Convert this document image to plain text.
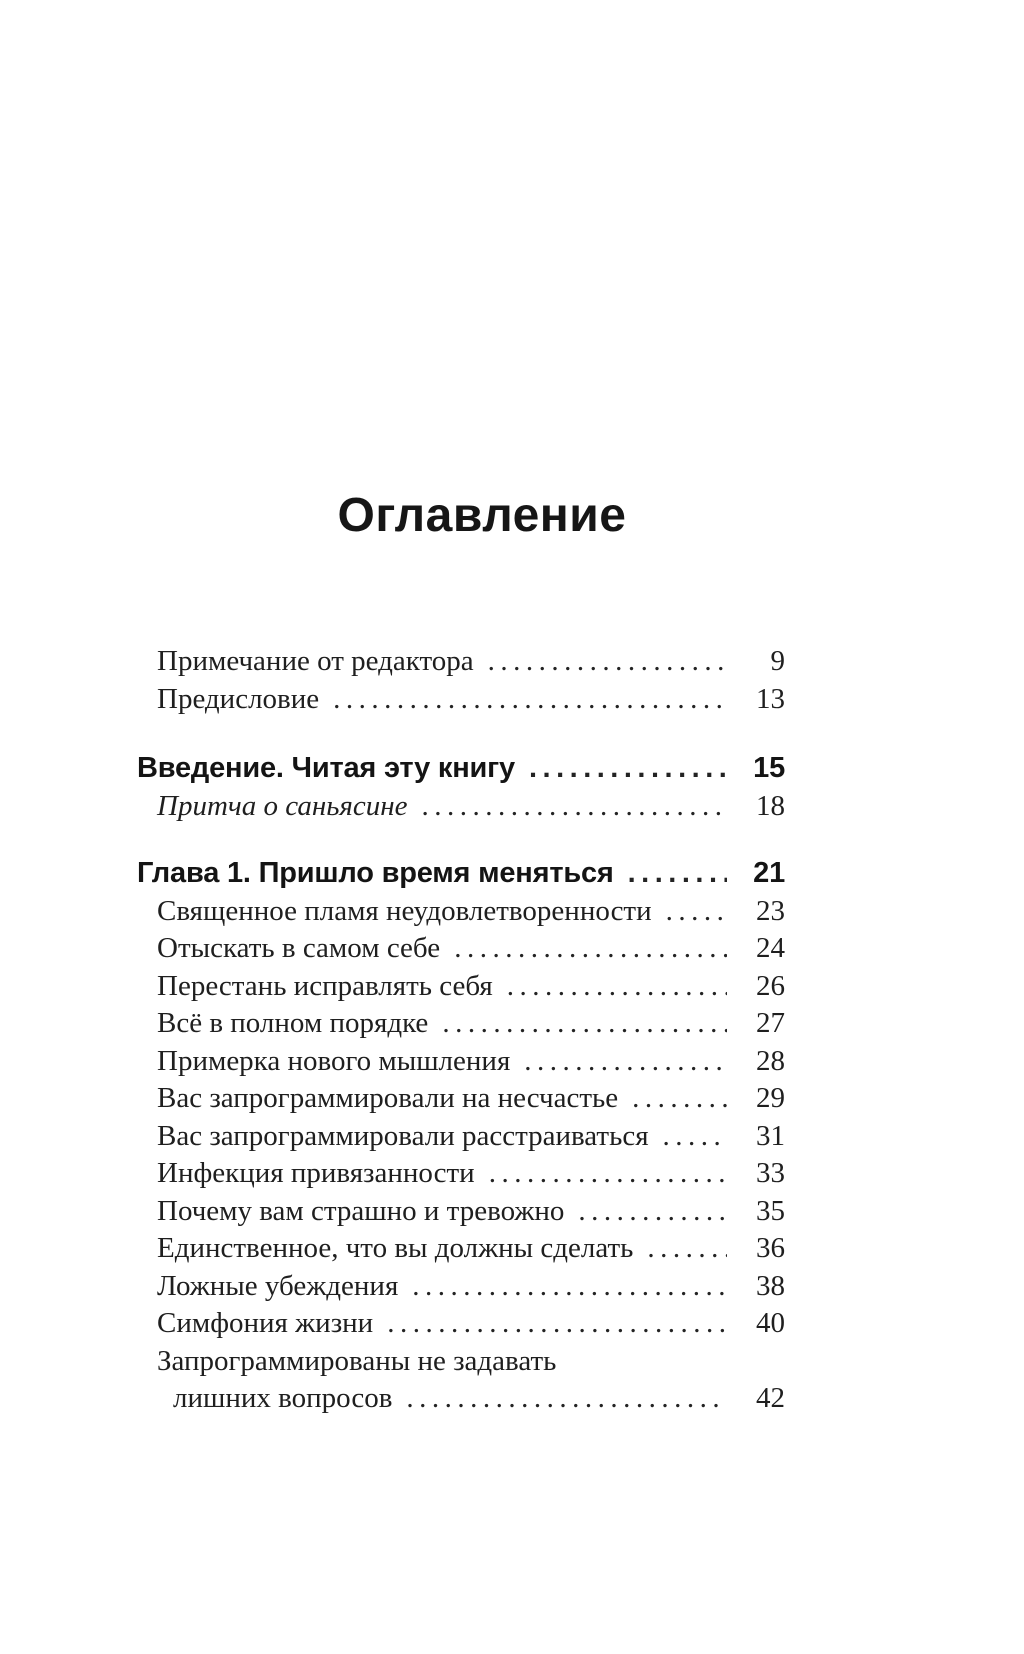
Оглавление
Примечание от редактора .....	9
Предисловие .....	13
Введение. Читая эту книгу .....	15
Притча о саньясине .....	18
Глава 1. Пришло время меняться .....	21
Священное пламя неудовлетворенности .....	23
Отыскать в самом себе .....	24
Перестань исправлять себя .....	26
Всё в полном порядке .....	27
Примерка нового мышления .....	28
Вас запрограммировали на несчастье .....	29
Вас запрограммировали расстраиваться .....	31
Инфекция привязанности .....	33
Почему вам страшно и тревожно .....	35
Единственное, что вы должны сделать .....	36
Ложные убеждения .....	38
Симфония жизни .....	40
Запрограммированы не задавать
лишних вопросов .....	42
